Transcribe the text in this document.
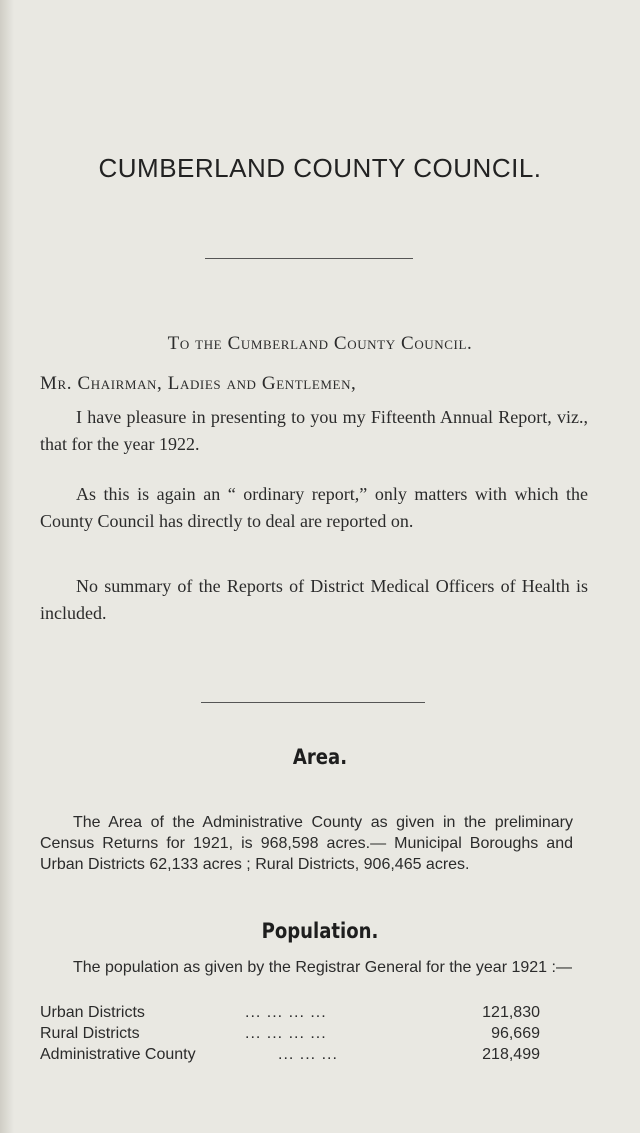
CUMBERLAND COUNTY COUNCIL.
To the Cumberland County Council.
Mr. Chairman, Ladies and Gentlemen,

I have pleasure in presenting to you my Fifteenth Annual Report, viz., that for the year 1922.

As this is again an “ ordinary report,” only matters with which the County Council has directly to deal are reported on.

No summary of the Reports of District Medical Officers of Health is included.

Area.

The Area of the Administrative County as given in the preliminary Census Returns for 1921, is 968,598 acres.— Municipal Boroughs and Urban Districts 62,133 acres ; Rural Districts, 906,465 acres.

Population.

The population as given by the Registrar General for the year 1921 :—

Urban Districts	... ... ... ...	121,830
Rural Districts	... ... ... ...	96,669
Administrative County	... ... ...	218,499
